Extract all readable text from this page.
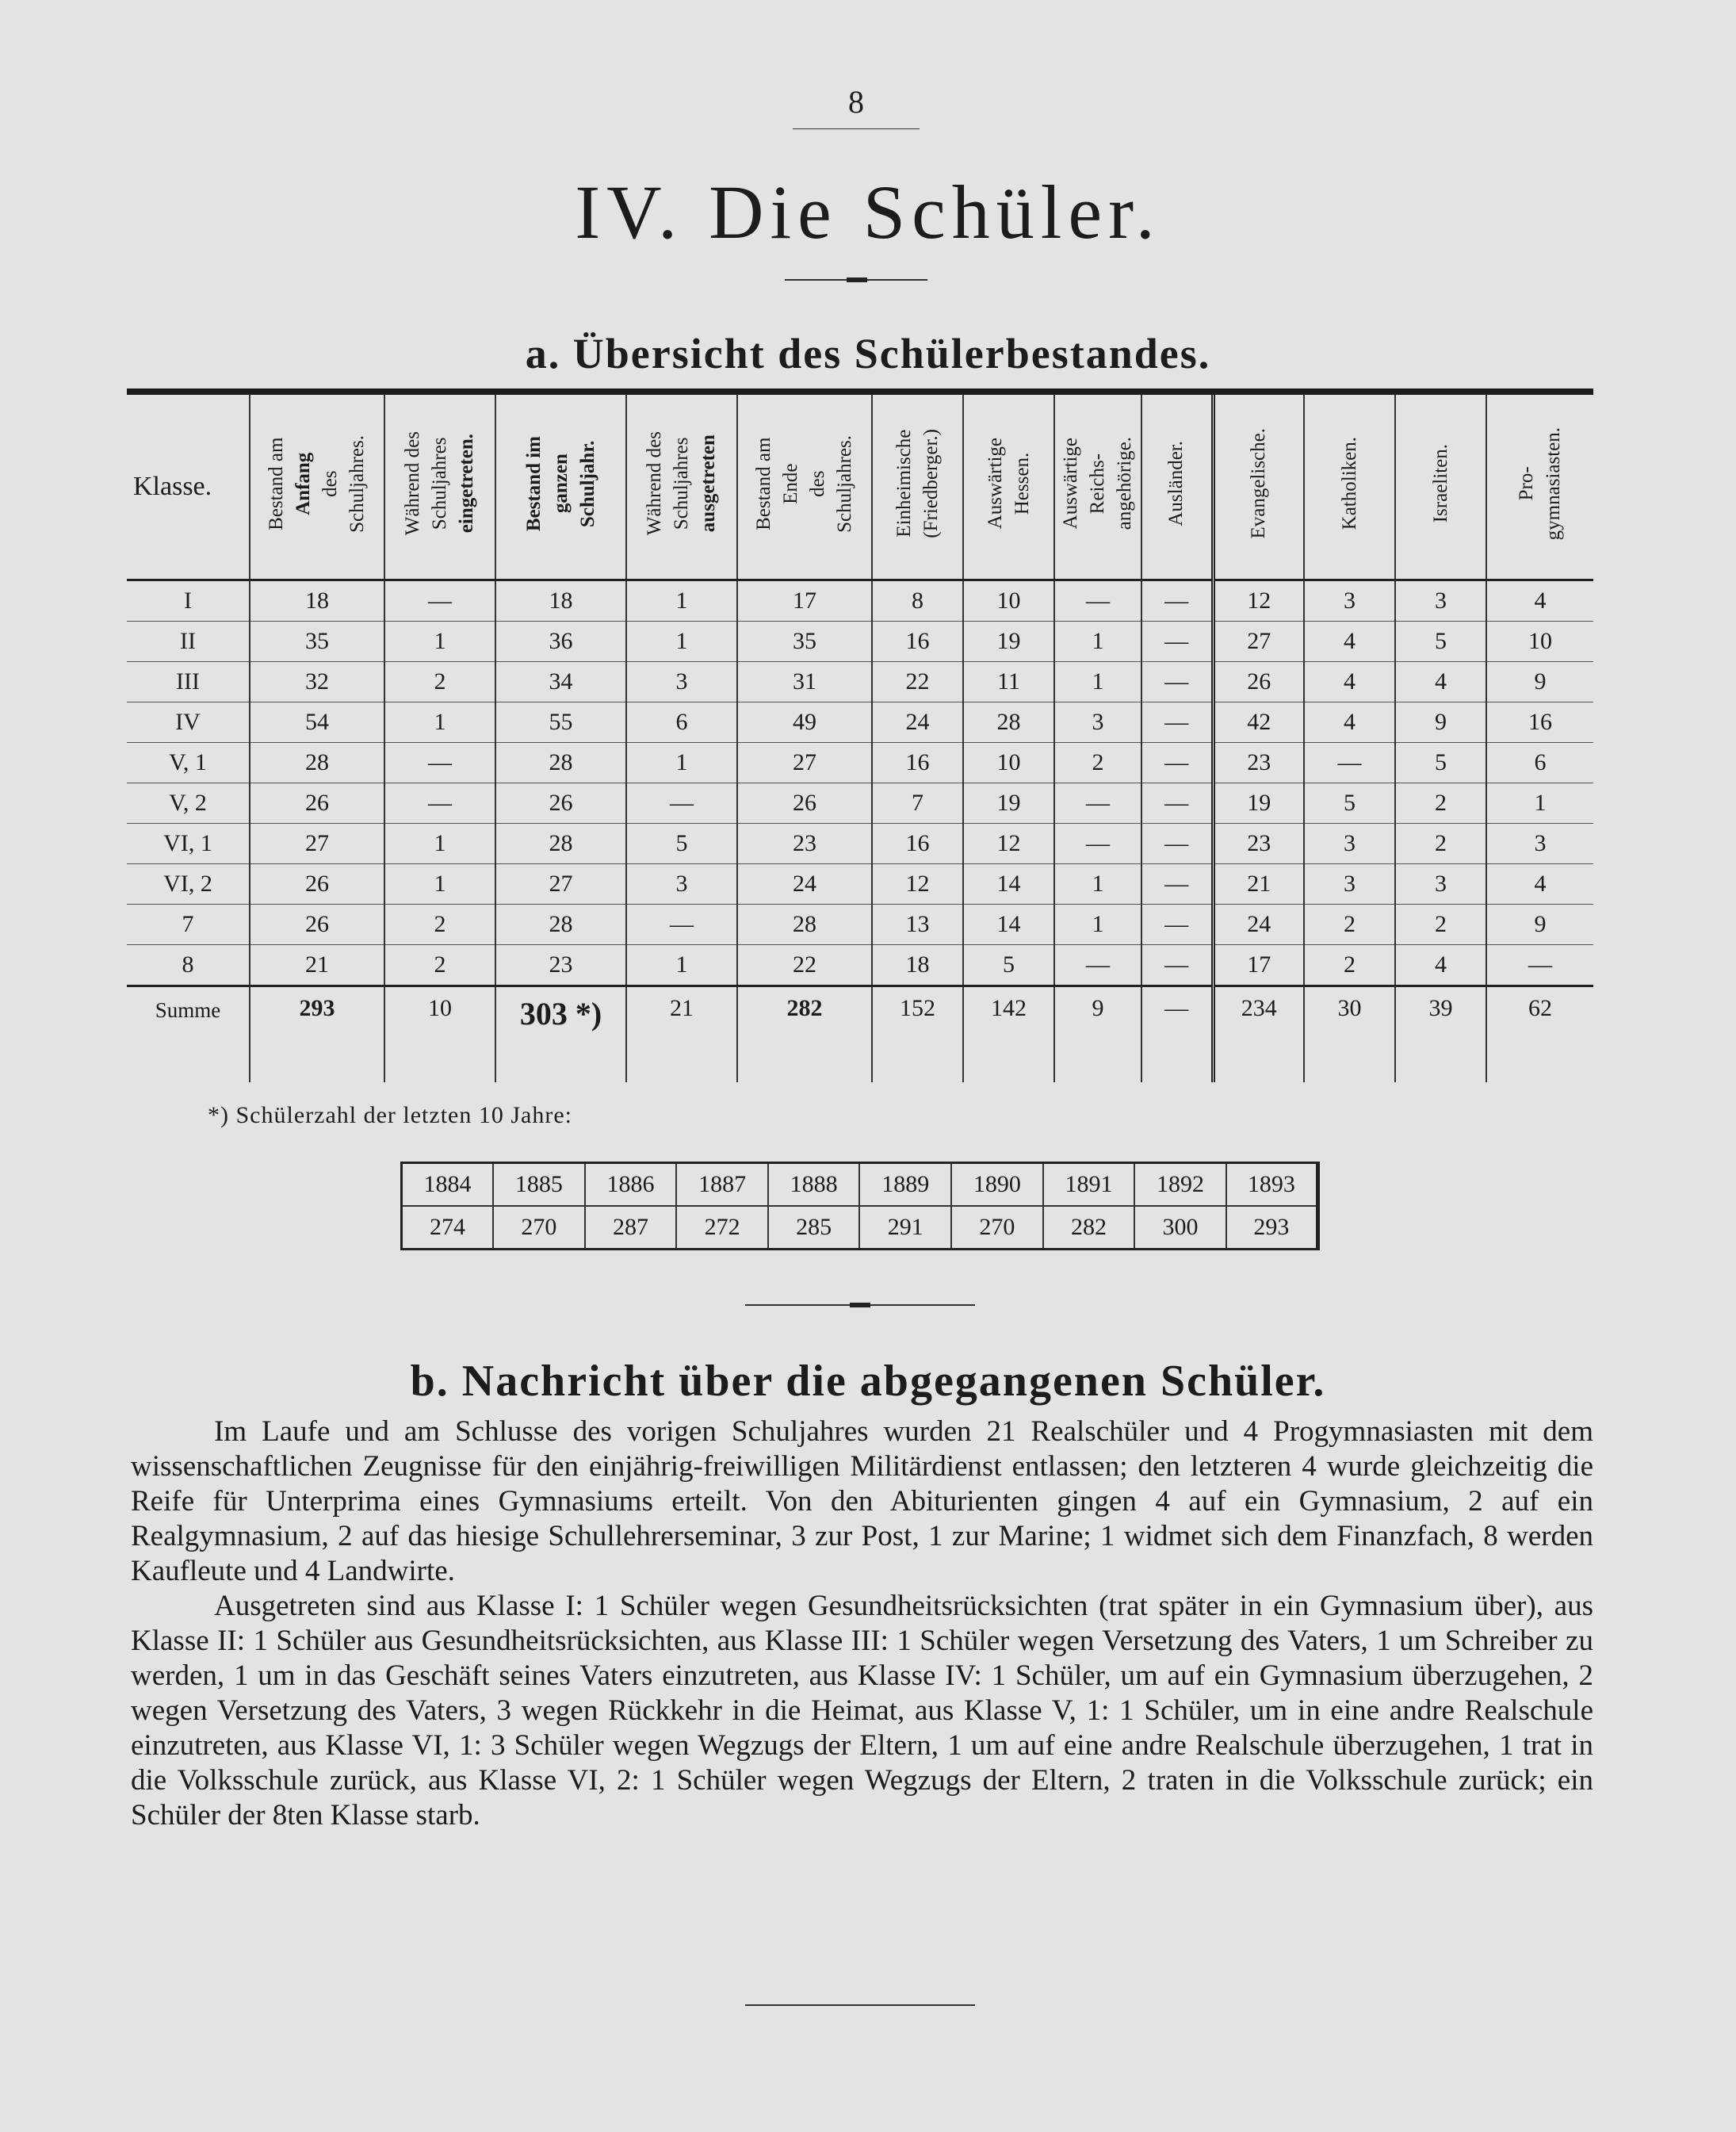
8
IV. Die Schüler.
a. Übersicht des Schülerbestandes.
Klasse.	Bestand am Anfang des Schuljahres.	Während des Schuljahres eingetreten.	Bestand im ganzen Schuljahr.	Während des Schuljahres ausgetreten	Bestand am Ende des Schuljahres.	Einheimische (Friedberger.)	Auswärtige Hessen.	Auswärtige Reichs- angehörige.	Ausländer.	Evangelische.	Katholiken.	Israeliten.	Pro- gymnasiasten.
I	18	—	18	1	17	8	10	—	—	12	3	3	4
II	35	1	36	1	35	16	19	1	—	27	4	5	10
III	32	2	34	3	31	22	11	1	—	26	4	4	9
IV	54	1	55	6	49	24	28	3	—	42	4	9	16
V, 1	28	—	28	1	27	16	10	2	—	23	—	5	6
V, 2	26	—	26	—	26	7	19	—	—	19	5	2	1
VI, 1	27	1	28	5	23	16	12	—	—	23	3	2	3
VI, 2	26	1	27	3	24	12	14	1	—	21	3	3	4
7	26	2	28	—	28	13	14	1	—	24	2	2	9
8	21	2	23	1	22	18	5	—	—	17	2	4	—
Summe	293	10	303 *)	21	282	152	142	9	—	234	30	39	62
*) Schülerzahl der letzten 10 Jahre:
1884	1885	1886	1887	1888	1889	1890	1891	1892	1893
274	270	287	272	285	291	270	282	300	293
b. Nachricht über die abgegangenen Schüler.

Im Laufe und am Schlusse des vorigen Schuljahres wurden 21 Realschüler und 4 Progymnasiasten mit dem wissenschaftlichen Zeugnisse für den einjährig-freiwilligen Militärdienst entlassen; den letzteren 4 wurde gleichzeitig die Reife für Unterprima eines Gymnasiums erteilt. Von den Abiturienten gingen 4 auf ein Gymnasium, 2 auf ein Realgymnasium, 2 auf das hiesige Schullehrerseminar, 3 zur Post, 1 zur Marine; 1 widmet sich dem Finanzfach, 8 werden Kaufleute und 4 Landwirte.

Ausgetreten sind aus Klasse I: 1 Schüler wegen Gesundheitsrücksichten (trat später in ein Gymnasium über), aus Klasse II: 1 Schüler aus Gesundheitsrücksichten, aus Klasse III: 1 Schüler wegen Versetzung des Vaters, 1 um Schreiber zu werden, 1 um in das Geschäft seines Vaters einzutreten, aus Klasse IV: 1 Schüler, um auf ein Gymnasium überzugehen, 2 wegen Versetzung des Vaters, 3 wegen Rückkehr in die Heimat, aus Klasse V, 1: 1 Schüler, um in eine andre Realschule einzutreten, aus Klasse VI, 1: 3 Schüler wegen Wegzugs der Eltern, 1 um auf eine andre Realschule überzugehen, 1 trat in die Volksschule zurück, aus Klasse VI, 2: 1 Schüler wegen Wegzugs der Eltern, 2 traten in die Volksschule zurück; ein Schüler der 8ten Klasse starb.
